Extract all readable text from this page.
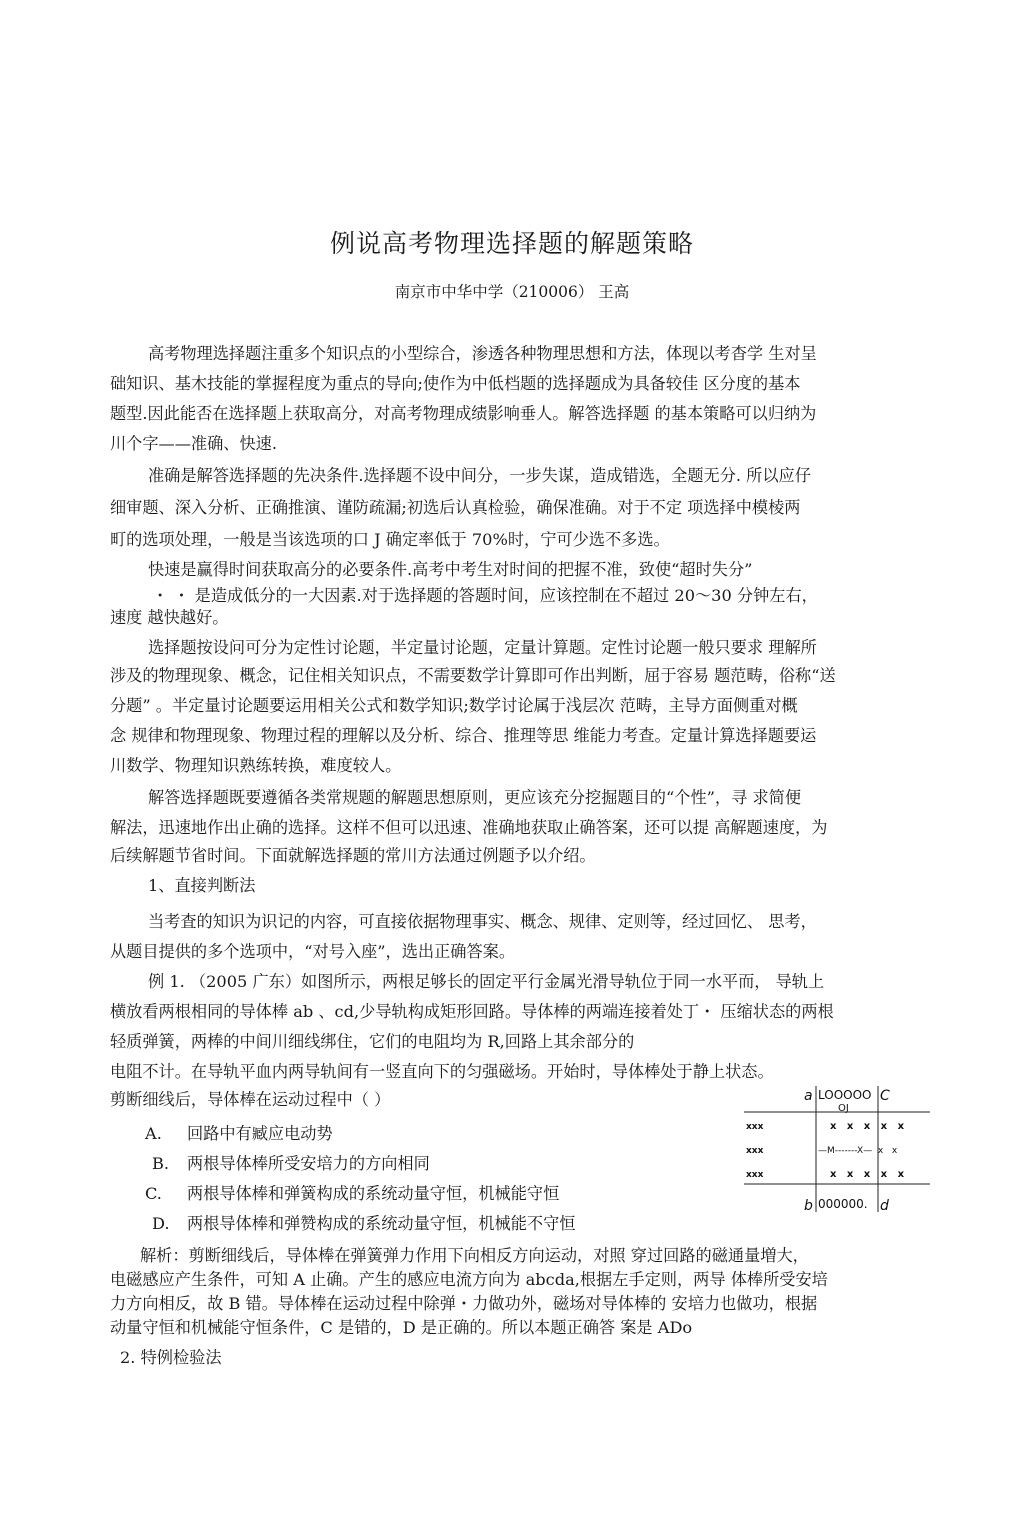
例说高考物理选择题的解题策略
南京市中华中学（210006） 王高
高考物理选择题注重多个知识点的小型综合，渗透各种物理思想和方法，体现以考杳学 生对呈
础知识、基木技能的掌握程度为重点的导向;使作为中低档题的选择题成为具备较佳 区分度的基本
题型.因此能否在选择题上获取高分，对高考物理成绩影响垂人。解答选择题 的基本策略可以归纳为
川个字——准确、快速.
准确是解答选择题的先决条件.选择题不设中间分，一步失谋，造成错选，全题无分. 所以应仔
细审题、深入分析、正确推演、谨防疏漏;初选后认真检验，确保准确。对于不定 项选择中模棱两
町的选项处理，一般是当该选项的口 J 确定率低于 70%时，宁可少选不多选。
快速是赢得时间获取高分的必要条件.高考中考生对时间的把握不准，致使“超时失分”
・ ・ 是造成低分的一大因素.对于选择题的答题时间，应该控制在不超过 20～30 分钟左右，
速度 越快越好。
选择题按设问可分为定性讨论题，半定量讨论题，定量计算题。定性讨论题一般只要求 理解所
涉及的物理现象、概念，记住相关知识点，不需要数学计算即可作出判断，屈于容易 题范畴，俗称“送
分题” 。半定量讨论题要运用相关公式和数学知识;数学讨论属于浅层次 范畴，主导方面侧重对概
念 规律和物理现象、物理过程的理解以及分析、综合、推理等思 维能力考查。定量计算选择题要运
川数学、物理知识熟练转换，难度较人。
解答选择题既要遵循各类常规题的解题思想原则，更应该充分挖掘题目的“个性”，寻 求简便
解法，迅速地作出止确的选择。这样不但可以迅速、准确地获取止确答案，还可以提 高解题速度，为
后续解题节省时间。下面就解选择题的常川方法通过例题予以介绍。
1、直接判断法
当考査的知识为识记的内容，可直接依据物理事实、概念、规律、定则等，经过回忆、 思考，
从题目提供的多个选项中，“对号入座”，选出正确答案。
例 1. （2005 广东）如图所示，两根足够长的固定平行金属光滑导轨位于同一水平而， 导轨上
横放看两根相同的导体棒 ab 、cd,少导轨构成矩形回路。导体棒的两端连接着处丁・ 压缩状态的两根
轻质弹簧，两棒的中间川细线绑住，它们的电阻均为 R,回路上其余部分的
电阻不计。在导轨平血内两导轨间有一竖直向下的匀强磁场。开始时，导体棒处于静上状态。
剪断细线后，导体棒在运动过程中（ ）
A. 回路中有臧应电动势
B. 两根导体棒所受安培力的方向相同
C. 两根导体棒和弹簧构成的系统动量守恒，机械能守恒
D. 两根导体棒和弹赞构成的系统动量守恒，机械能不守恒
a	C
b	d
LOOOOO
OJ
000000.
xxx
xxx
xxx
x   x   x   x   x
—M-------X—  x   x
x   x   x   x   x
解析：剪断细线后，导体棒在弹簧弹力作用下向相反方向运动，对照 穿过回路的磁通量増大，
电磁感应产生条件，可知 A 止确。产生的感应电流方向为 abcda,根据左手定则，两导 体棒所受安培
力方向相反，故 B 错。导体棒在运动过程中除弹・力做功外，磁场对导体棒的 安培力也做功，根据
动量守恒和机械能守恒条件，C 是错的，D 是正确的。所以本题正确答 案是 ADo
2. 特例检验法
